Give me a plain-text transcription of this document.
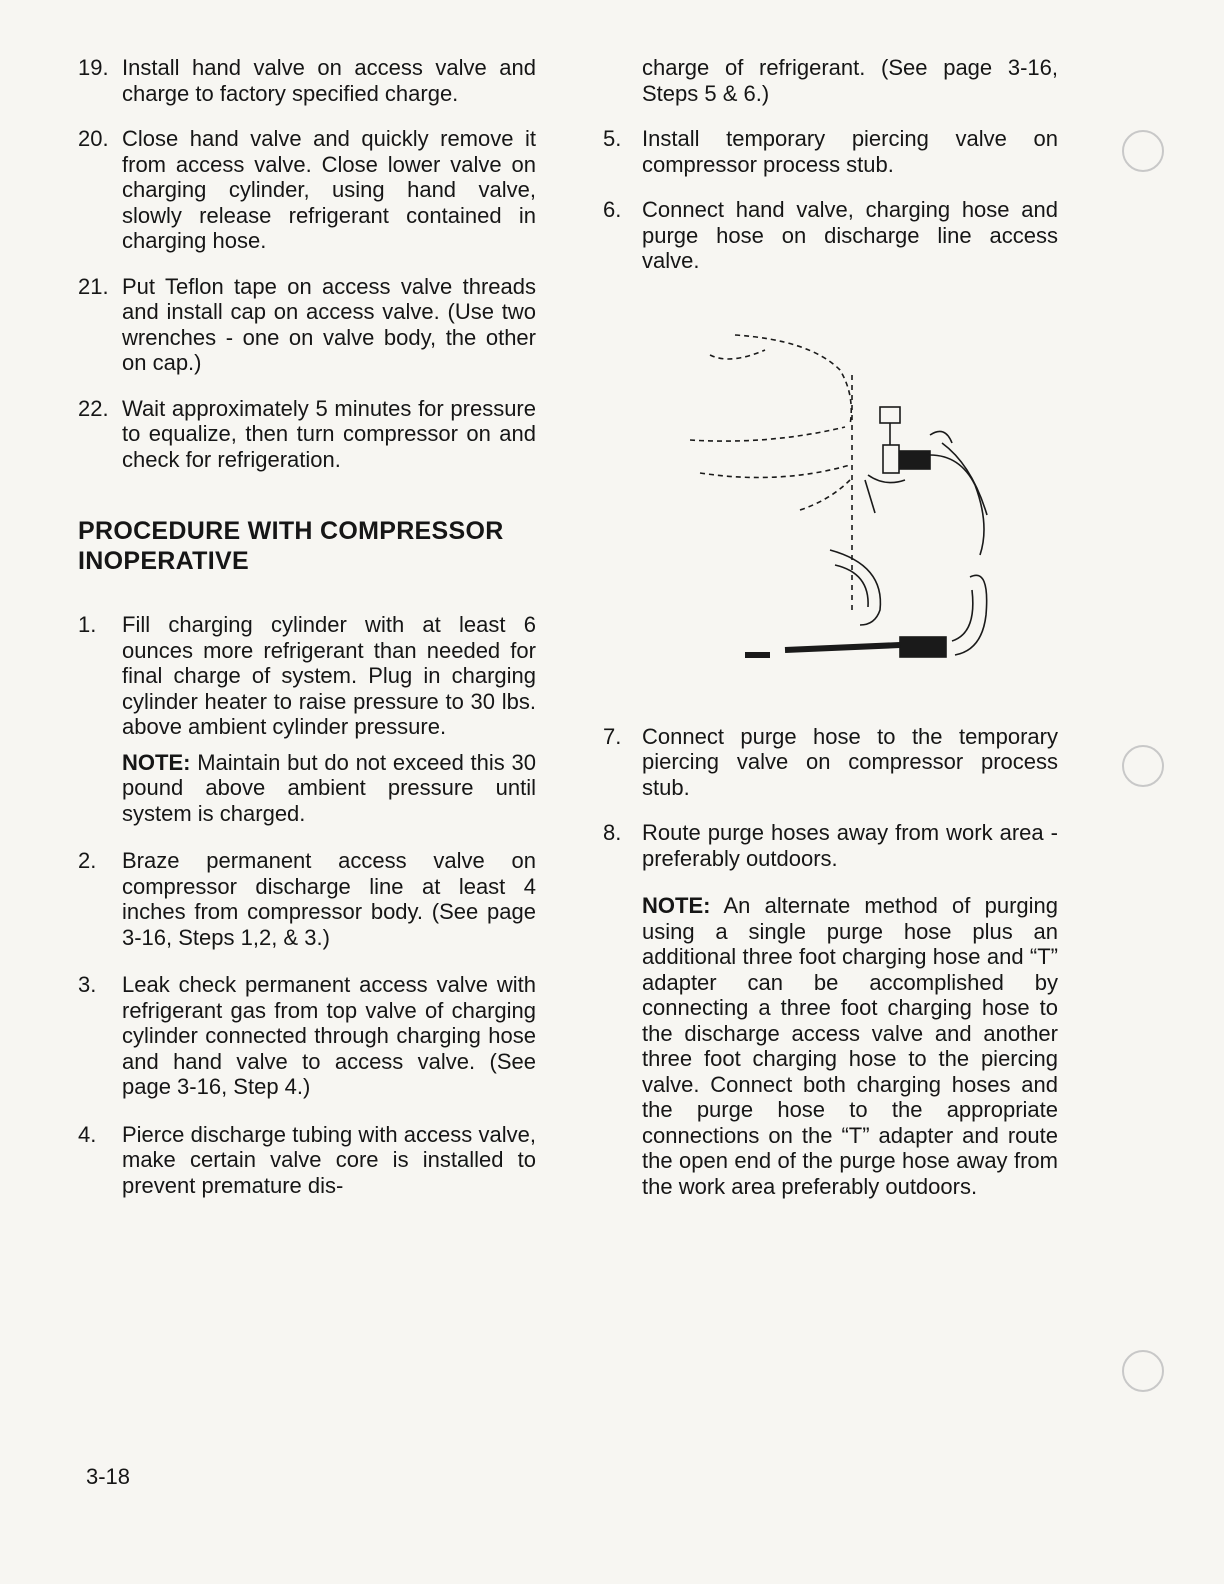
19. Install hand valve on access valve and charge to factory specified charge.
20. Close hand valve and quickly remove it from access valve. Close lower valve on charging cylinder, using hand valve, slowly release refrigerant contained in charging hose.
21. Put Teflon tape on access valve threads and install cap on access valve. (Use two wrenches - one on valve body, the other on cap.)
22. Wait approximately 5 minutes for pressure to equalize, then turn compressor on and check for refrigeration.
PROCEDURE WITH COMPRESSOR INOPERATIVE
1. Fill charging cylinder with at least 6 ounces more refrigerant than needed for final charge of system. Plug in charging cylinder heater to raise pressure to 30 lbs. above ambient cylinder pressure.
NOTE: Maintain but do not exceed this 30 pound above ambient pressure until system is charged.
2. Braze permanent access valve on compressor discharge line at least 4 inches from compressor body. (See page 3-16, Steps 1,2, & 3.)
3. Leak check permanent access valve with refrigerant gas from top valve of charging cylinder connected through charging hose and hand valve to access valve. (See page 3-16, Step 4.)
4. Pierce discharge tubing with access valve, make certain valve core is installed to prevent premature dis-
charge of refrigerant. (See page 3-16, Steps 5 & 6.)
5. Install temporary piercing valve on compressor process stub.
6. Connect hand valve, charging hose and purge hose on discharge line access valve.
7. Connect purge hose to the temporary piercing valve on compressor process stub.
8. Route purge hoses away from work area - preferably outdoors.
NOTE: An alternate method of purging using a single purge hose plus an additional three foot charging hose and “T” adapter can be accomplished by connecting a three foot charging hose to the discharge access valve and another three foot charging hose to the piercing valve. Connect both charging hoses and the purge hose to the appropriate connections on the “T” adapter and route the open end of the purge hose away from the work area preferably outdoors.
3-18
